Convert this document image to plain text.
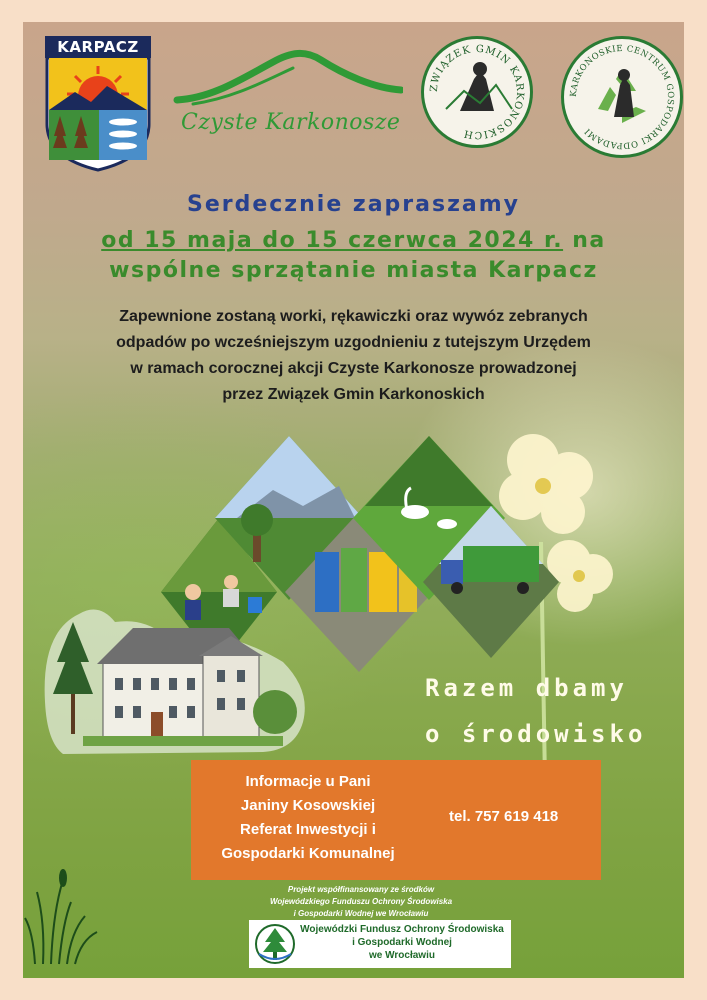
KARPACZ
Czyste Karkonosze
ZWIĄZEK GMIN KARKONOSKICH
KARKONOSKIE CENTRUM GOSPODARKI ODPADAMI
Serdecznie zapraszamy
od 15 maja do 15 czerwca 2024 r. na
wspólne sprzątanie miasta Karpacz
Zapewnione zostaną worki, rękawiczki oraz wywóz zebranych
odpadów po wcześniejszym uzgodnieniu z tutejszym Urzędem
w ramach corocznej akcji Czyste Karkonosze prowadzonej
przez Związek Gmin Karkonoskich
Razem dbamy
o środowisko
Informacje u Pani
Janiny Kosowskiej
Referat Inwestycji i
Gospodarki Komunalnej
tel. 757 619 418
Projekt współfinansowany ze środków
Wojewódzkiego Funduszu Ochrony Środowiska
i Gospodarki Wodnej we Wrocławiu
Wojewódzki Fundusz Ochrony Środowiska
i Gospodarki Wodnej
we Wrocławiu
